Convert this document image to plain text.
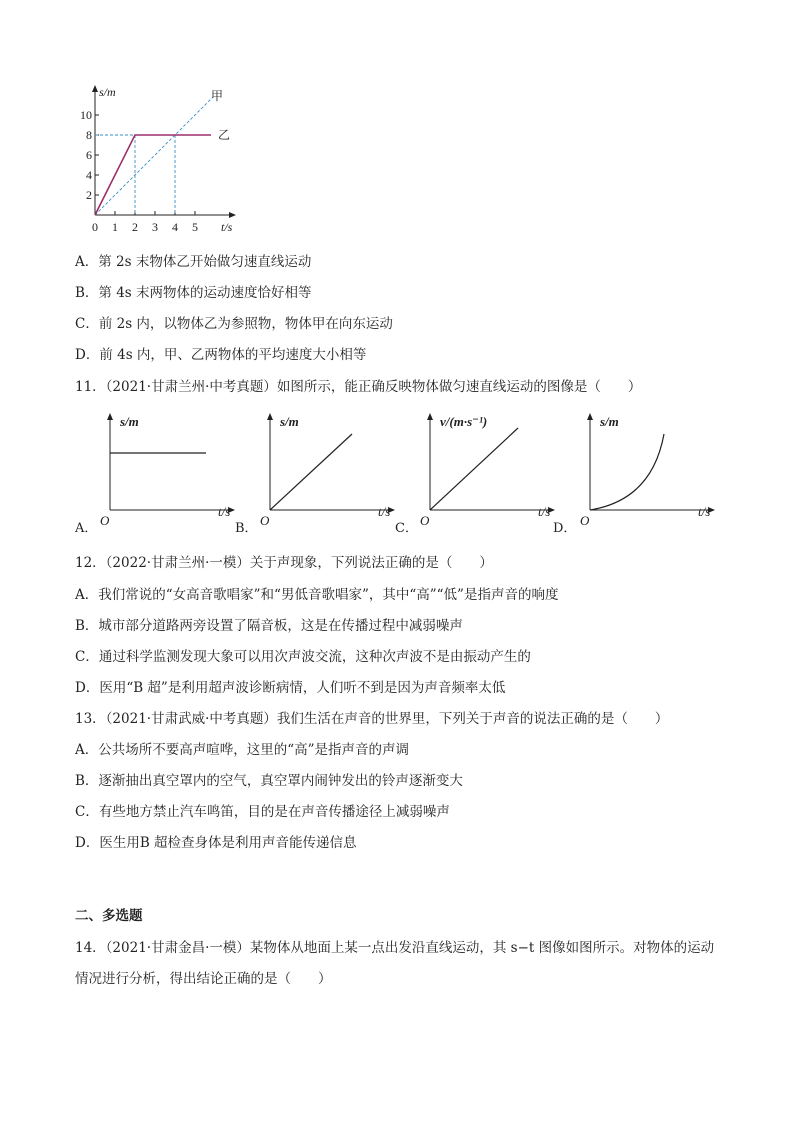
2
4
6
8
10
0 1 2 3 4 5
s/m
t/s
甲
乙
A．第 2s 末物体乙开始做匀速直线运动
B．第 4s 末两物体的运动速度恰好相等
C．前 2s 内，以物体乙为参照物，物体甲在向东运动
D．前 4s 内，甲、乙两物体的平均速度大小相等
11．（2021·甘肃兰州·中考真题）如图所示，能正确反映物体做匀速直线运动的图像是（　　）
A．
s/m
t/s
O
B．
s/m
t/s
O
C．
v/(m·s⁻¹)
t/s
O
D．
s/m
t/s
O
12．（2022·甘肃兰州·一模）关于声现象，下列说法正确的是（　　）
A．我们常说的“女高音歌唱家”和“男低音歌唱家”，其中“高”“低”是指声音的响度
B．城市部分道路两旁设置了隔音板，这是在传播过程中减弱噪声
C．通过科学监测发现大象可以用次声波交流，这种次声波不是由振动产生的
D．医用“B 超”是利用超声波诊断病情，人们听不到是因为声音频率太低
13．（2021·甘肃武威·中考真题）我们生活在声音的世界里，下列关于声音的说法正确的是（　　）
A．公共场所不要高声喧哗，这里的“高”是指声音的声调
B．逐渐抽出真空罩内的空气，真空罩内闹钟发出的铃声逐渐变大
C．有些地方禁止汽车鸣笛，目的是在声音传播途径上减弱噪声
D．医生用B 超检查身体是利用声音能传递信息
二、多选题
14．（2021·甘肃金昌·一模）某物体从地面上某一点出发沿直线运动，其 s−t 图像如图所示。对物体的运动
情况进行分析，得出结论正确的是（　　）
